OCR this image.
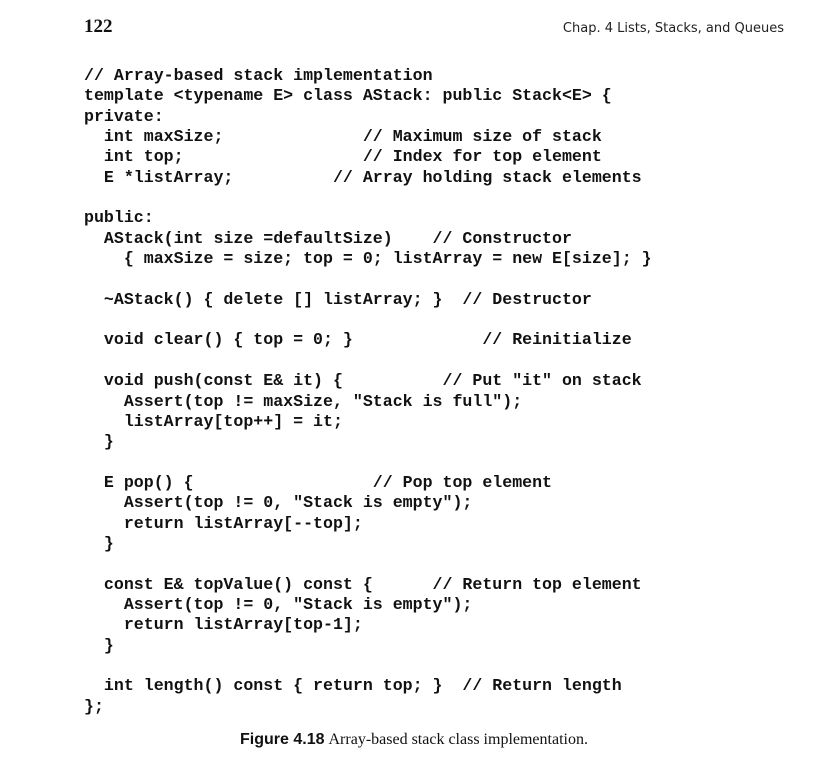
122	Chap. 4 Lists, Stacks, and Queues
// Array-based stack implementation
template <typename E> class AStack: public Stack<E> {
private:
int maxSize;              // Maximum size of stack
int top;                  // Index for top element
E *listArray;          // Array holding stack elements
public:
AStack(int size =defaultSize)    // Constructor
{ maxSize = size; top = 0; listArray = new E[size]; }
~AStack() { delete [] listArray; }  // Destructor
void clear() { top = 0; }             // Reinitialize
void push(const E& it) {          // Put "it" on stack
Assert(top != maxSize, "Stack is full");
listArray[top++] = it;
}
E pop() {                  // Pop top element
Assert(top != 0, "Stack is empty");
return listArray[--top];
}
const E& topValue() const {      // Return top element
Assert(top != 0, "Stack is empty");
return listArray[top-1];
}
int length() const { return top; }  // Return length
};
Figure 4.18 Array-based stack class implementation.
